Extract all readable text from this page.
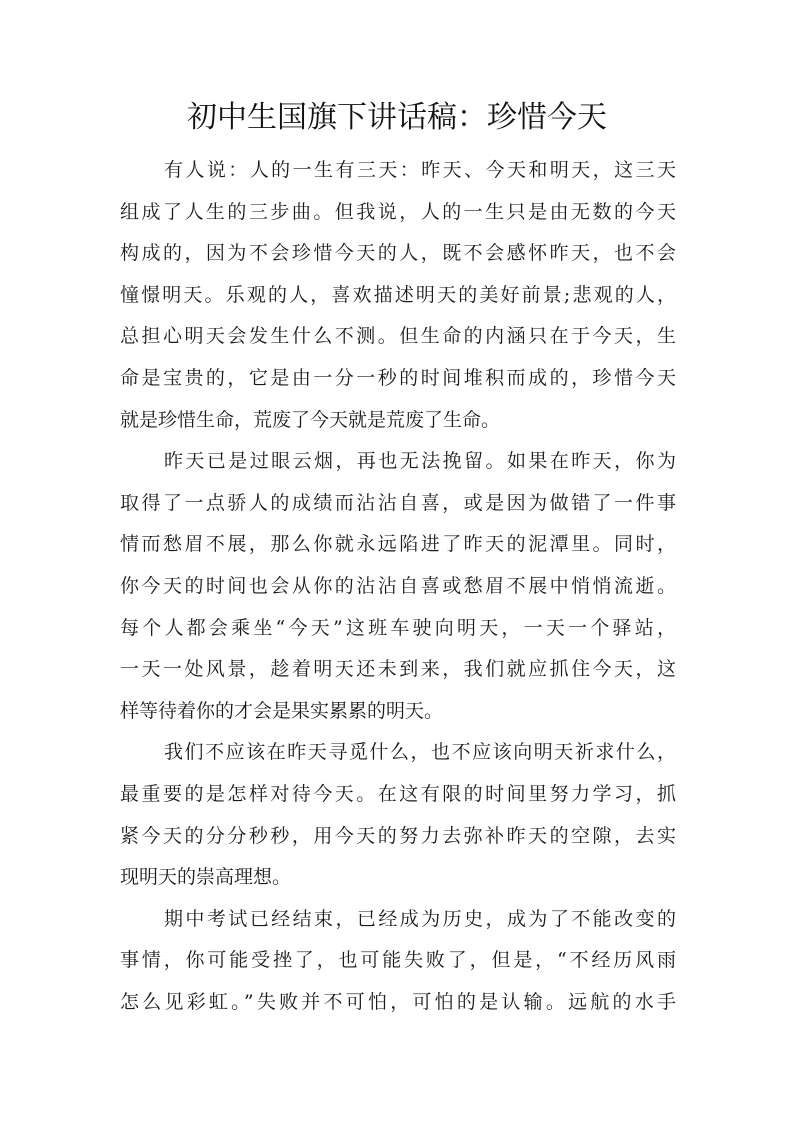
初中生国旗下讲话稿：珍惜今天
有人说：人的一生有三天：昨天、今天和明天，这三天
组成了人生的三步曲。但我说，人的一生只是由无数的今天
构成的，因为不会珍惜今天的人，既不会感怀昨天，也不会
憧憬明天。乐观的人，喜欢描述明天的美好前景;悲观的人，
总担心明天会发生什么不测。但生命的内涵只在于今天，生
命是宝贵的，它是由一分一秒的时间堆积而成的，珍惜今天
就是珍惜生命，荒废了今天就是荒废了生命。
昨天已是过眼云烟，再也无法挽留。如果在昨天，你为
取得了一点骄人的成绩而沾沾自喜，或是因为做错了一件事
情而愁眉不展，那么你就永远陷进了昨天的泥潭里。同时，
你今天的时间也会从你的沾沾自喜或愁眉不展中悄悄流逝。
每个人都会乘坐“今天”这班车驶向明天，一天一个驿站，
一天一处风景，趁着明天还未到来，我们就应抓住今天，这
样等待着你的才会是果实累累的明天。
我们不应该在昨天寻觅什么，也不应该向明天祈求什么，
最重要的是怎样对待今天。在这有限的时间里努力学习，抓
紧今天的分分秒秒，用今天的努力去弥补昨天的空隙，去实
现明天的崇高理想。
期中考试已经结束，已经成为历史，成为了不能改变的
事情，你可能受挫了，也可能失败了，但是，“不经历风雨
怎么见彩虹。”失败并不可怕，可怕的是认输。远航的水手
